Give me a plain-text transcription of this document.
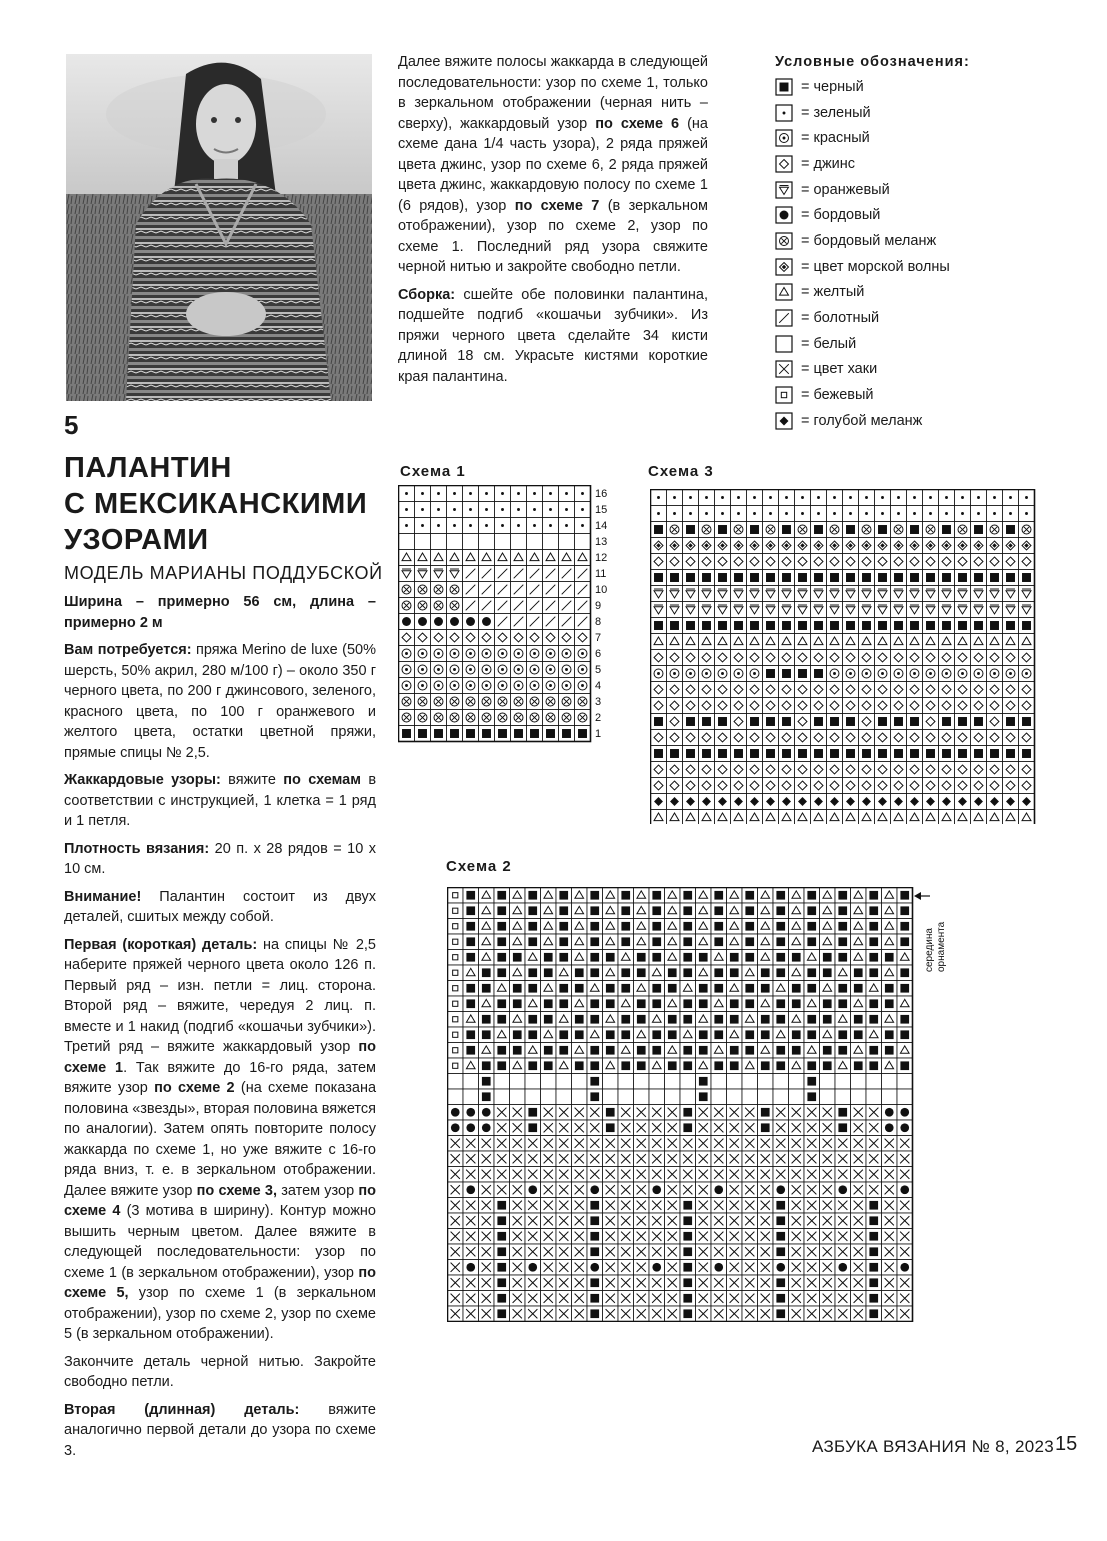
5
ПАЛАНТИН
С МЕКСИКАНСКИМИ
УЗОРАМИ
МОДЕЛЬ МАРИАНЫ ПОДДУБСКОЙ

Ширина – примерно 56 см, длина – примерно 2 м

Вам потребуется: пряжа Merino de luxe (50% шерсть, 50% акрил, 280 м/100 г) – около 350 г черного цвета, по 200 г джинсового, зеленого, красного цвета, по 100 г оранжевого и желтого цвета, остатки цветной пряжи, прямые спицы № 2,5.

Жаккардовые узоры: вяжите по схемам в соответствии с инструкцией, 1 клетка = 1 ряд и 1 петля.

Плотность вязания: 20 п. х 28 рядов = 10 х 10 см.

Внимание! Палантин состоит из двух деталей, сшитых между собой.

Первая (короткая) деталь: на спицы № 2,5 наберите пряжей черного цвета около 126 п. Первый ряд – изн. петли = лиц. сторона. Второй ряд – вяжите, чередуя 2 лиц. п. вместе и 1 накид (подгиб «кошачьи зубчики»). Третий ряд – вяжите жаккардовый узор по схеме 1. Так вяжите до 16-го ряда, затем вяжите узор по схеме 2 (на схеме показана половина «звезды», вторая половина вяжется по аналогии). Затем опять повторите полосу жаккарда по схеме 1, но уже вяжите с 16-го ряда вниз, т. е. в зеркальном отображении. Далее вяжите узор по схеме 3, затем узор по схеме 4 (3 мотива в ширину). Контур можно вышить черным цветом. Далее вяжите в следующей последовательности: узор по схеме 1 (в зеркальном отображении), узор по схеме 5, узор по схеме 1 (в зеркальном отображении), узор по схеме 2, узор по схеме 5 (в зеркальном отображении).

Закончите деталь черной нитью. Закройте свободно петли.

Вторая (длинная) деталь: вяжите аналогично первой детали до узора по схеме 3.

Далее вяжите полосы жаккарда в следующей последовательности: узор по схеме 1, только в зеркальном отображении (черная нить – сверху), жаккардовый узор по схеме 6 (на схеме дана 1/4 часть узора), 2 ряда пряжей цвета джинс, узор по схеме 6, 2 ряда пряжей цвета джинс, жаккардовую полосу по схеме 1 (6 рядов), узор по схеме 7 (в зеркальном отображении), узор по схеме 2, узор по схеме 1. Последний ряд узора свяжите черной нитью и закройте свободно петли.

Сборка: сшейте обе половинки палантина, подшейте подгиб «кошачьи зубчики». Из пряжи черного цвета сделайте 34 кисти длиной 18 см. Украсьте кистями короткие края палантина.

Условные обозначения:
= черный
= зеленый
= красный
= джинс
= оранжевый
= бордовый
= бордовый меланж
= цвет морской волны
= желтый
= болотный
= белый
= цвет хаки
= бежевый
= голубой меланж
Схема 1
16
15
14
13
12
11
10
9
8
7
6
5
4
3
2
1
Схема 3
Схема 2
середина орнамента
АЗБУКА ВЯЗАНИЯ № 8, 2023 15
